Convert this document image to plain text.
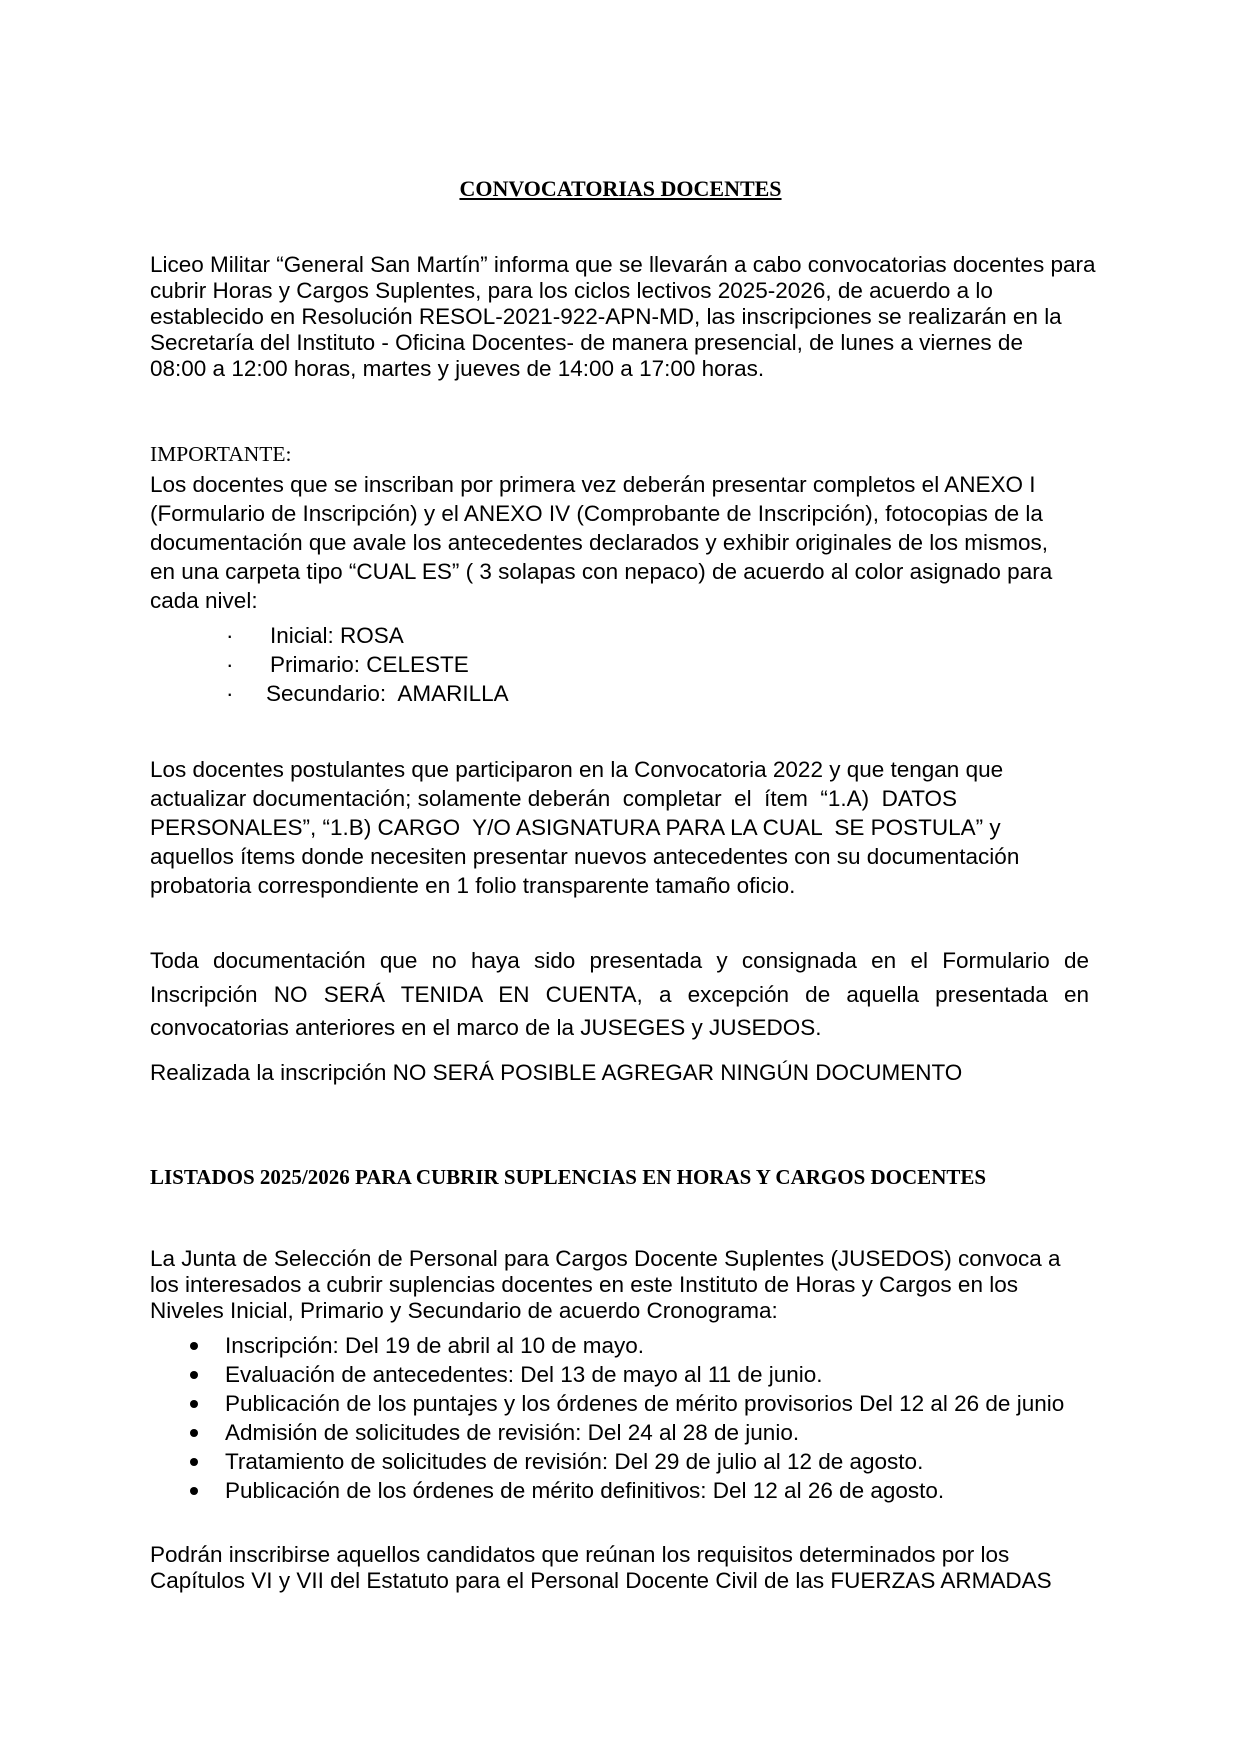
CONVOCATORIAS DOCENTES

Liceo Militar “General San Martín” informa que se llevarán a cabo convocatorias docentes para

cubrir Horas y Cargos Suplentes, para los ciclos lectivos 2025-2026, de acuerdo a lo

establecido en Resolución RESOL-2021-922-APN-MD, las inscripciones se realizarán en la

Secretaría del Instituto - Oficina Docentes- de manera presencial, de lunes a viernes de

08:00 a 12:00 horas, martes y jueves de 14:00 a 17:00 horas.

IMPORTANTE:

Los docentes que se inscriban por primera vez deberán presentar completos el ANEXO I
(Formulario de Inscripción) y el ANEXO IV (Comprobante de Inscripción), fotocopias de la
documentación que avale los antecedentes declarados y exhibir originales de los mismos,
en una carpeta tipo “CUAL ES” ( 3 solapas con nepaco) de acuerdo al color asignado para
cada nivel:
· Inicial: ROSA
· Primario: CELESTE
· Secundario:  AMARILLA
Los docentes postulantes que participaron en la Convocatoria 2022 y que tengan que
actualizar documentación; solamente deberán  completar  el  ítem  “1.A)  DATOS
PERSONALES”, “1.B) CARGO  Y/O ASIGNATURA PARA LA CUAL  SE POSTULA” y
aquellos ítems donde necesiten presentar nuevos antecedentes con su documentación
probatoria correspondiente en 1 folio transparente tamaño oficio.

Toda documentación que no haya sido presentada y consignada en el Formulario de Inscripción NO SERÁ TENIDA EN CUENTA, a excepción de aquella presentada en convocatorias anteriores en el marco de la JUSEGES y JUSEDOS.

Realizada la inscripción NO SERÁ POSIBLE AGREGAR NINGÚN DOCUMENTO

LISTADOS 2025/2026 PARA CUBRIR SUPLENCIAS EN HORAS Y CARGOS DOCENTES

La Junta de Selección de Personal para Cargos Docente Suplentes (JUSEDOS) convoca a

los interesados a cubrir suplencias docentes en este Instituto de Horas y Cargos en los

Niveles Inicial, Primario y Secundario de acuerdo Cronograma:

Inscripción: Del 19 de abril al 10 de mayo.
Evaluación de antecedentes: Del 13 de mayo al 11 de junio.
Publicación de los puntajes y los órdenes de mérito provisorios Del 12 al 26 de junio
Admisión de solicitudes de revisión: Del 24 al 28 de junio.
Tratamiento de solicitudes de revisión: Del 29 de julio al 12 de agosto.
Publicación de los órdenes de mérito definitivos: Del 12 al 26 de agosto.

Podrán inscribirse aquellos candidatos que reúnan los requisitos determinados por los

Capítulos VI y VII del Estatuto para el Personal Docente Civil de las FUERZAS ARMADAS
